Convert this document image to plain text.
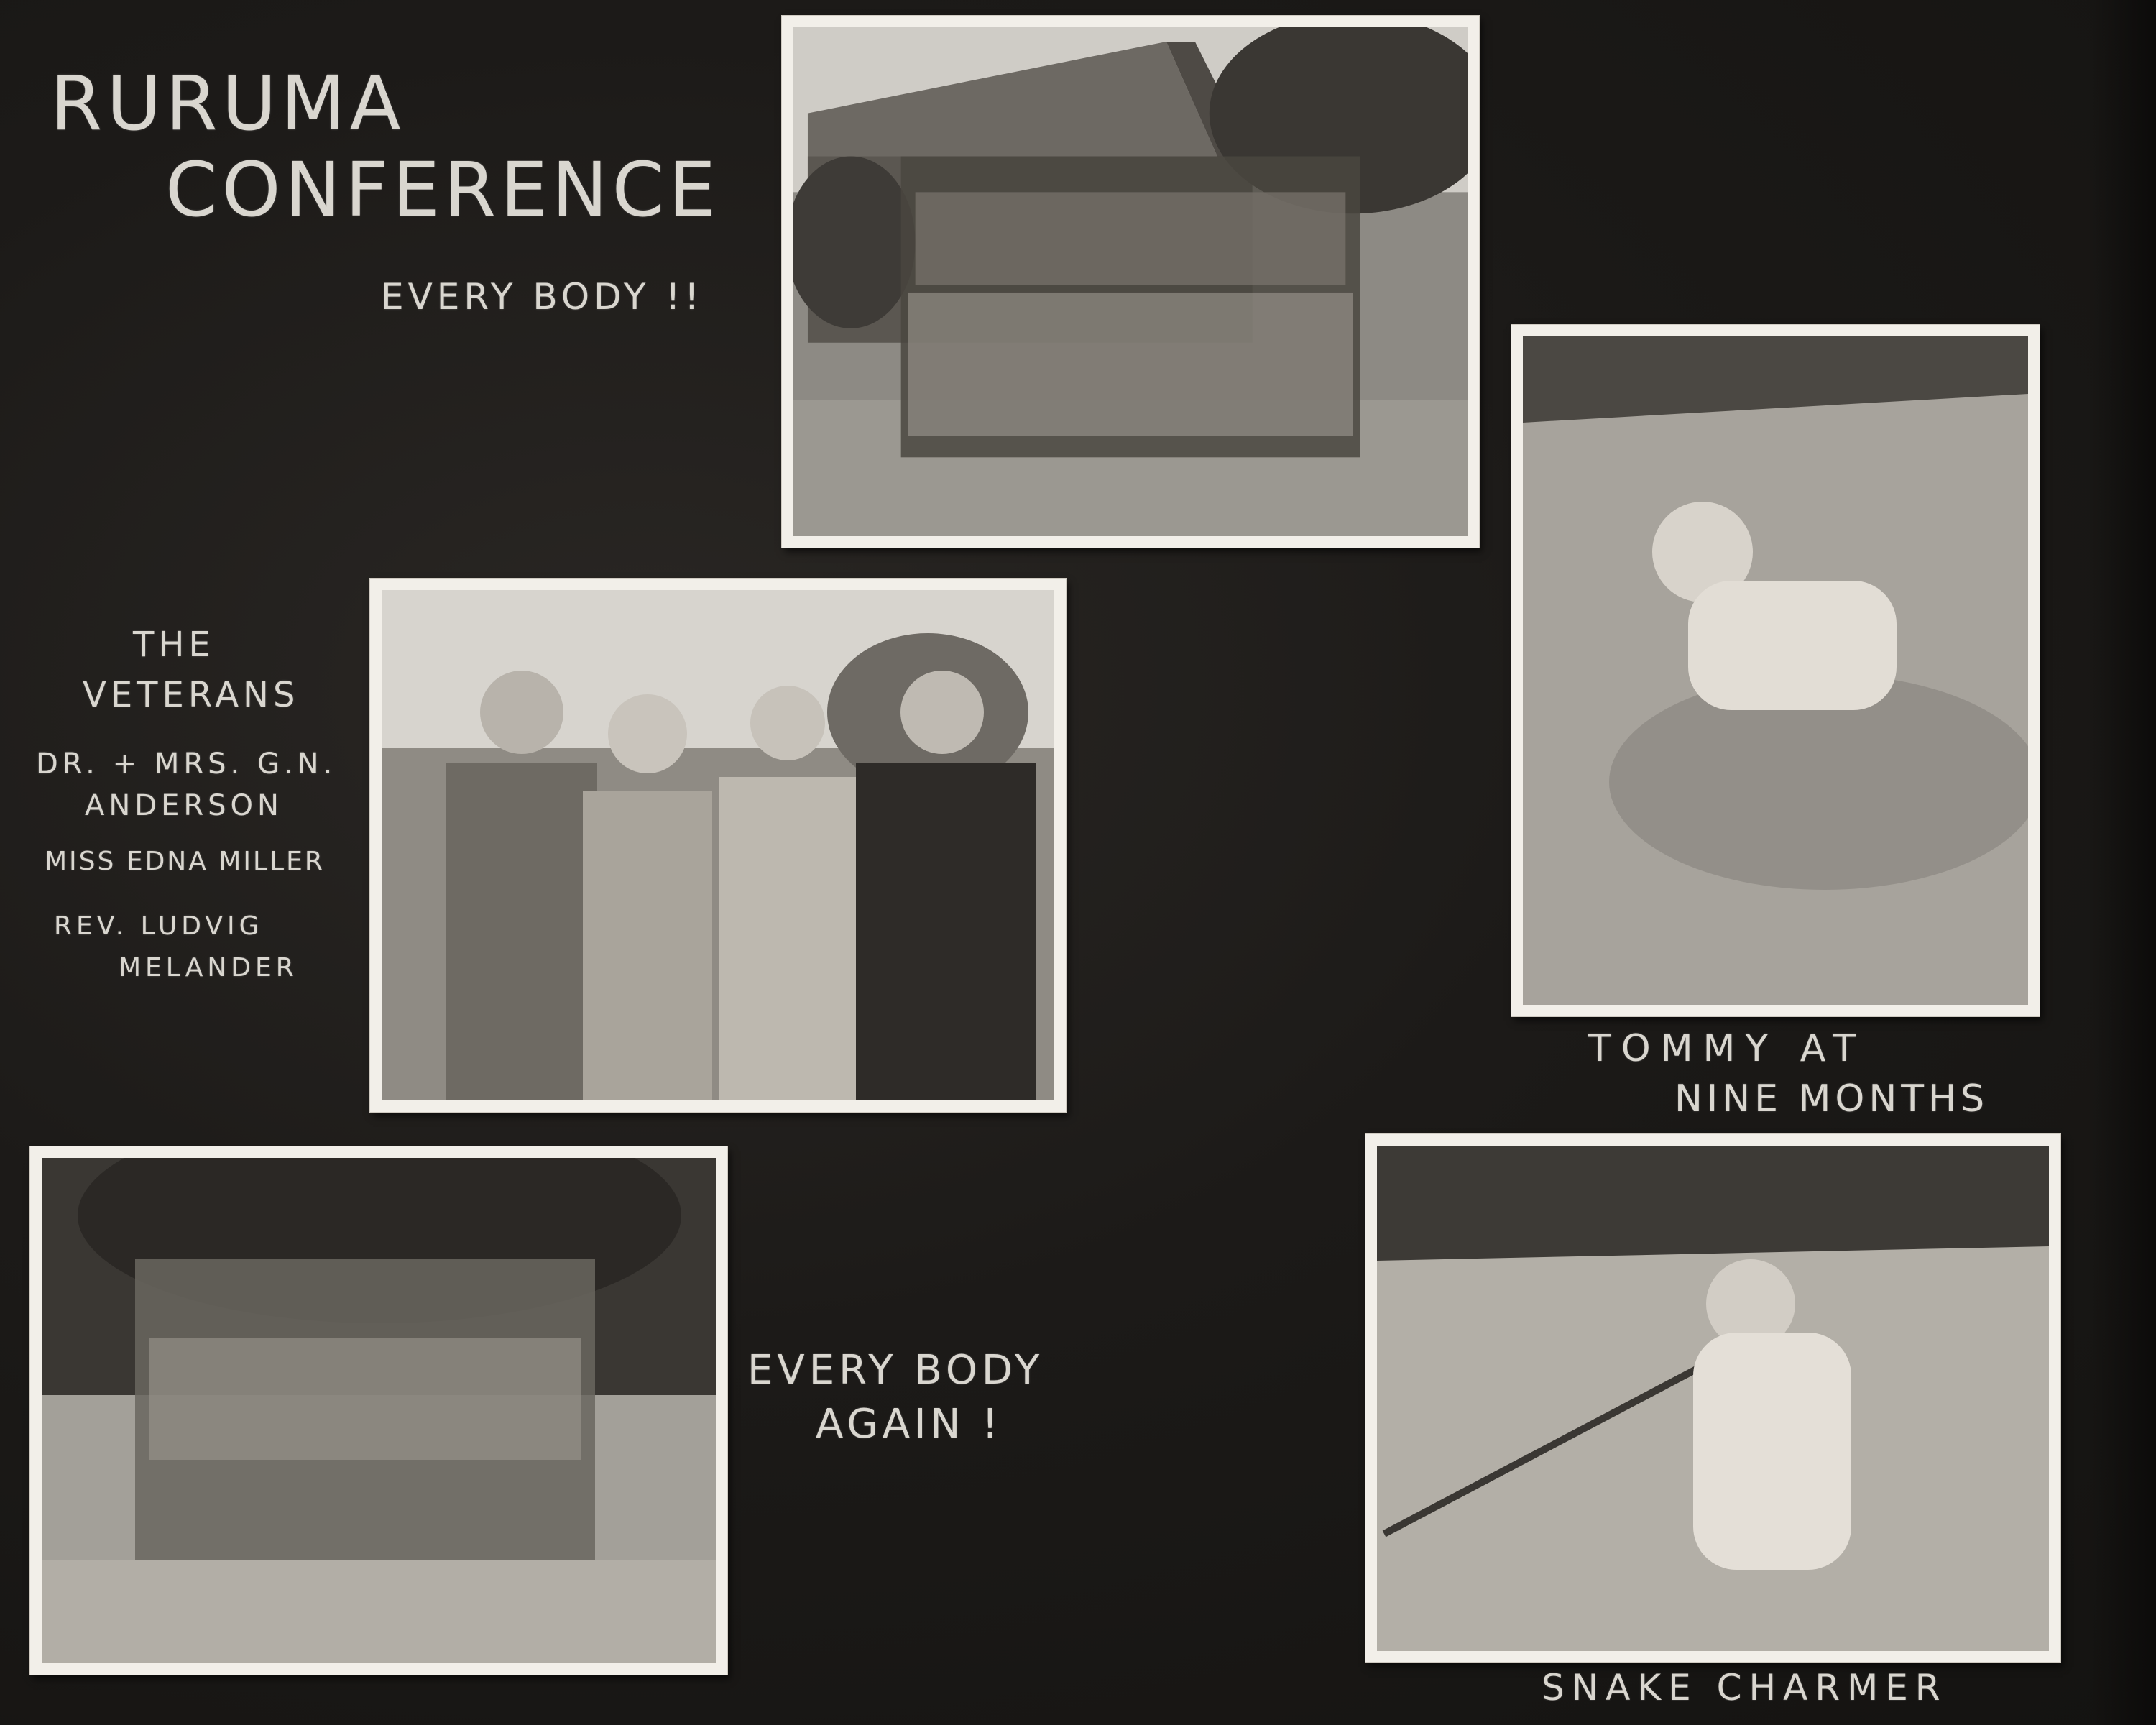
RURUMA
CONFERENCE
EVERY BODY !!
THE
VETERANS
DR. + MRS. G.N.
ANDERSON
MISS EDNA MILLER
REV. LUDVIG
MELANDER
TOMMY AT
NINE MONTHS
EVERY BODY
AGAIN !
SNAKE CHARMER
